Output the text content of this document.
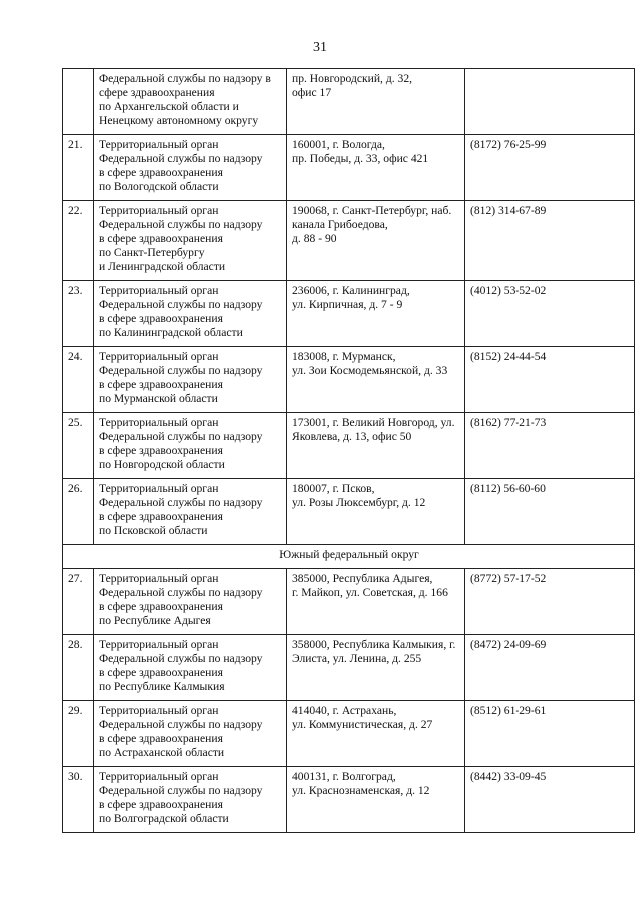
31

	Федеральной службы по надзору в
сфере здравоохранения
по Архангельской области и
Ненецкому автономному округу	пр. Новгородский, д. 32,
офис 17	

21.	Территориальный орган
Федеральной службы по надзору
в сфере здравоохранения
по Вологодской области	160001, г. Вологда,
пр. Победы, д. 33, офис 421	(8172) 76-25-99
22.	Территориальный орган
Федеральной службы по надзору
в сфере здравоохранения
по Санкт-Петербургу
и Ленинградской области	190068, г. Санкт-Петербург, наб.
канала Грибоедова,
д. 88 - 90	(812) 314-67-89
23.	Территориальный орган
Федеральной службы по надзору
в сфере здравоохранения
по Калининградской области	236006, г. Калининград,
ул. Кирпичная, д. 7 - 9	(4012) 53-52-02
24.	Территориальный орган
Федеральной службы по надзору
в сфере здравоохранения
по Мурманской области	183008, г. Мурманск,
ул. Зои Космодемьянской, д. 33	(8152) 24-44-54
25.	Территориальный орган
Федеральной службы по надзору
в сфере здравоохранения
по Новгородской области	173001, г. Великий Новгород, ул.
Яковлева, д. 13, офис 50	(8162) 77-21-73
26.	Территориальный орган
Федеральной службы по надзору
в сфере здравоохранения
по Псковской области	180007, г. Псков,
ул. Розы Люксембург, д. 12	(8112) 56-60-60
Южный федеральный округ			
27.	Территориальный орган
Федеральной службы по надзору
в сфере здравоохранения
по Республике Адыгея	385000, Республика Адыгея,
г. Майкоп, ул. Советская, д. 166	(8772) 57-17-52
28.	Территориальный орган
Федеральной службы по надзору
в сфере здравоохранения
по Республике Калмыкия	358000, Республика Калмыкия, г.
Элиста, ул. Ленина, д. 255	(8472) 24-09-69
29.	Территориальный орган
Федеральной службы по надзору
в сфере здравоохранения
по Астраханской области	414040, г. Астрахань,
ул. Коммунистическая, д. 27	(8512) 61-29-61
30.	Территориальный орган
Федеральной службы по надзору
в сфере здравоохранения
по Волгоградской области	400131, г. Волгоград,
ул. Краснознаменская, д. 12	(8442) 33-09-45
